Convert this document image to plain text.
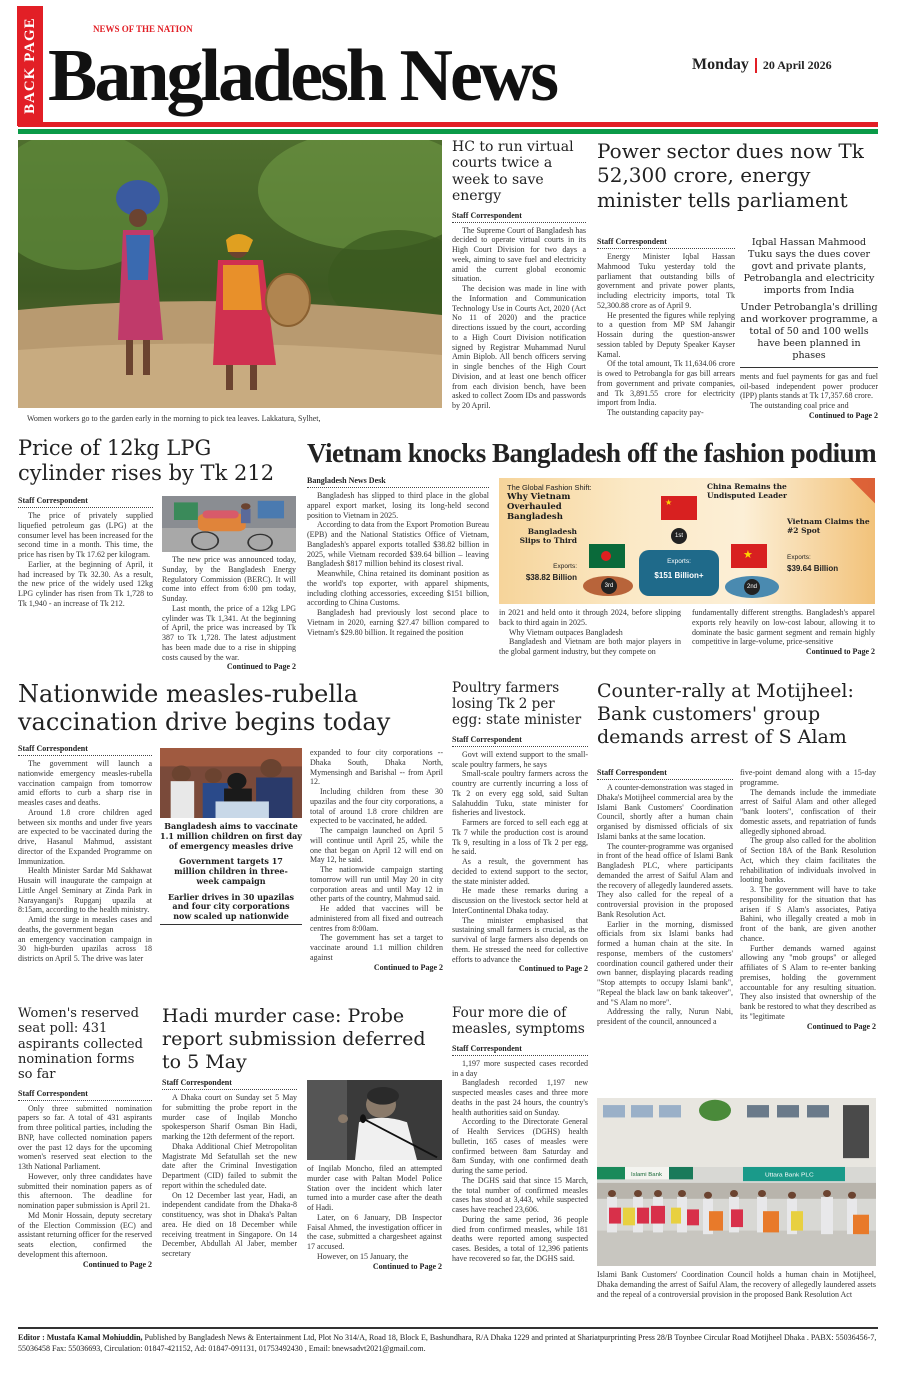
BACK PAGE Bangladesh News
NEWS OF THE NATION
Monday 20 April 2026
Women workers go to the garden early in the morning to pick tea leaves. Lakkatura, Sylhet,
HC to run virtual courts twice a week to save energy
Staff Correspondent

The Supreme Court of Bangladesh has decided to operate virtual courts in its High Court Division for two days a week, aiming to save fuel and electricity amid the current global economic situation.

The decision was made in line with the Information and Communication Technology Use in Courts Act, 2020 (Act No 11 of 2020) and the practice directions issued by the court, according to a High Court Division notification signed by Registrar Muhammad Nurul Amin Biplob. All bench officers serving in single benches of the High Court Division, and at least one bench officer from each division bench, have been asked to collect Zoom IDs and passwords by 20 April.

Power sector dues now Tk 52,300 crore, energy minister tells parliament
Staff Correspondent

Energy Minister Iqbal Hassan Mahmood Tuku yesterday told the parliament that outstanding bills of government and private power plants, including electricity imports, total Tk 52,300.88 crore as of April 9.

He presented the figures while replying to a question from MP SM Jahangir Hossain during the question-answer session tabled by Deputy Speaker Kayser Kamal.

Of the total amount, Tk 11,634.06 crore is owed to Petrobangla for gas bill arrears from government and private companies, and Tk 3,891.55 crore for electricity import from India.

The outstanding capacity pay-

Iqbal Hassan Mahmood Tuku says the dues cover govt and private plants, Petrobangla and electricity imports from India
Under Petrobangla's drilling and workover programme, a total of 50 and 100 wells have been planned in phases

ments and fuel payments for gas and fuel oil-based independent power producer (IPP) plants stands at Tk 17,357.68 crore.

The outstanding coal price and

Continued to Page 2
Price of 12kg LPG cylinder rises by Tk 212
Staff Correspondent

The price of privately supplied liquefied petroleum gas (LPG) at the consumer level has been increased for the second time in a month. This time, the price has risen by Tk 17.62 per kilogram.

Earlier, at the beginning of April, it had increased by Tk 32.30. As a result, the new price of the widely used 12kg LPG cylinder has risen from Tk 1,728 to Tk 1,940 - an increase of Tk 212.

The new price was announced today, Sunday, by the Bangladesh Energy Regulatory Commission (BERC). It will come into effect from 6:00 pm today, Sunday.

Last month, the price of a 12kg LPG cylinder was Tk 1,341. At the beginning of April, the price was increased by Tk 387 to Tk 1,728. The latest adjustment has been made due to a rise in shipping costs caused by the war.

Continued to Page 2
Vietnam knocks Bangladesh off the fashion podium
Bangladesh News Desk

Bangladesh has slipped to third place in the global apparel export market, losing its long-held second position to Vietnam in 2025.

According to data from the Export Promotion Bureau (EPB) and the National Statistics Office of Vietnam, Bangladesh's apparel exports totalled $38.82 billion in 2025, while Vietnam recorded $39.64 billion – leaving Bangladesh $817 million behind its closest rival.

Meanwhile, China retained its dominant position as the world's top exporter, with apparel shipments, including clothing accessories, exceeding $151 billion, according to China Customs.

Bangladesh had previously lost second place to Vietnam in 2020, earning $27.47 billion compared to Vietnam's $29.80 billion. It regained the position

The Global Fashion Shift:
Why Vietnam Overhauled Bangladesh
Bangladesh Slips to Third
Exports:
$38.82 Billion
3rd
★
1st
Exports:
$151 Billion+
China Remains the Undisputed Leader
★
2nd
Vietnam Claims the #2 Spot
Exports:
$39.64 Billion

in 2021 and held onto it through 2024, before slipping back to third again in 2025.

Why Vietnam outpaces Bangladesh

Bangladesh and Vietnam are both major players in the global garment industry, but they compete on

fundamentally different strengths. Bangladesh's apparel exports rely heavily on low-cost labour, allowing it to dominate the basic garment segment and remain highly competitive in large-volume, price-sensitive

Continued to Page 2
Nationwide measles-rubella vaccination drive begins today
Staff Correspondent

The government will launch a nationwide emergency measles-rubella vaccination campaign from tomorrow amid efforts to curb a sharp rise in measles cases and deaths.

Around 1.8 crore children aged between six months and under five years are expected to be vaccinated during the drive, Hasanul Mahmud, assistant director of the Expanded Programme on Immunization.

Health Minister Sardar Md Sakhawat Husain will inaugurate the campaign at Little Angel Seminary at Zinda Park in Narayanganj's Rupganj upazila at 8:15am, according to the health ministry.

Amid the surge in measles cases and deaths, the government began

an emergency vaccination campaign in 30 high-burden upazilas across 18 districts on April 5. The drive was later
Bangladesh aims to vaccinate 1.1 million children on first day of emergency measles drive
Government targets 17 million children in three-week campaign
Earlier drives in 30 upazilas and four city corporations now scaled up nationwide

expanded to four city corporations -- Dhaka South, Dhaka North, Mymensingh and Barishal -- from April 12.

Including children from these 30 upazilas and the four city corporations, a total of around 1.8 crore children are expected to be vaccinated, he added.

The campaign launched on April 5 will continue until April 25, while the one that began on April 12 will end on May 12, he said.

The nationwide campaign starting tomorrow will run until May 20 in city corporation areas and until May 12 in other parts of the country, Mahmud said.

He added that vaccines will be administered from all fixed and outreach centres from 8:00am.

The government has set a target to vaccinate around 1.1 million children against

Continued to Page 2
Poultry farmers losing Tk 2 per egg: state minister
Staff Correspondent

Govt will extend support to the small-scale poultry farmers, he says

Small-scale poultry farmers across the country are currently incurring a loss of Tk 2 on every egg sold, said Sultan Salahuddin Tuku, state minister for fisheries and livestock.

Farmers are forced to sell each egg at Tk 7 while the production cost is around Tk 9, resulting in a loss of Tk 2 per egg, he said.

As a result, the government has decided to extend support to the sector, the state minister added.

He made these remarks during a discussion on the livestock sector held at InterContinental Dhaka today.

The minister emphasised that sustaining small farmers is crucial, as the survival of large farmers also depends on them. He stressed the need for collective efforts to advance the

Continued to Page 2
Counter-rally at Motijheel: Bank customers' group demands arrest of S Alam
Staff Correspondent

A counter-demonstration was staged in Dhaka's Motijheel commercial area by the Islami Bank Customers' Coordination Council, shortly after a human chain organised by dismissed officials of six Islami banks at the same location.

The counter-programme was organised in front of the head office of Islami Bank Bangladesh PLC, where participants demanded the arrest of Saiful Alam and the recovery of allegedly laundered assets. They also called for the repeal of a controversial provision in the proposed Bank Resolution Act.

Earlier in the morning, dismissed officials from six Islami banks had formed a human chain at the site. In response, members of the customers' coordination council gathered under their own banner, displaying placards reading "Stop attempts to occupy Islami bank", "Repeal the black law on bank takeover", and "S Alam no more".

Addressing the rally, Nurun Nabi, president of the council, announced a

five-point demand along with a 15-day programme.

The demands include the immediate arrest of Saiful Alam and other alleged "bank looters", confiscation of their domestic assets, and repatriation of funds allegedly siphoned abroad.

The group also called for the abolition of Section 18A of the Bank Resolution Act, which they claim facilitates the rehabilitation of individuals involved in looting banks.

3. The government will have to take responsibility for the situation that has arisen if S Alam's associates, Patiya Bahini, who illegally created a mob in front of the bank, are given another chance.

Further demands warned against allowing any "mob groups" or alleged affiliates of S Alam to re-enter banking premises, holding the government accountable for any resulting situation. They also insisted that ownership of the bank be restored to what they described as its "legitimate

Continued to Page 2
Islami Bank	Uttara Bank PLC
Islami Bank Customers' Coordination Council holds a human chain in Motijheel, Dhaka demanding the arrest of Saiful Alam, the recovery of allegedly laundered assets and the repeal of a controversial provision in the proposed Bank Resolution Act
Women's reserved seat poll: 431 aspirants collected nomination forms so far
Staff Correspondent

Only three submitted nomination papers so far. A total of 431 aspirants from three political parties, including the BNP, have collected nomination papers over the past 12 days for the upcoming women's reserved seat election to the 13th National Parliament.

However, only three candidates have submitted their nomination papers as of this afternoon. The deadline for nomination paper submission is April 21.

Md Monir Hossain, deputy secretary of the Election Commission (EC) and assistant returning officer for the reserved seats election, confirmed the development this afternoon.

Continued to Page 2
Hadi murder case: Probe report submission deferred to 5 May
Staff Correspondent

A Dhaka court on Sunday set 5 May for submitting the probe report in the murder case of Inqilab Moncho spokesperson Sharif Osman Bin Hadi, marking the 12th deferment of the report.

Dhaka Additional Chief Metropolitan Magistrate Md Sefatullah set the new date after the Criminal Investigation Department (CID) failed to submit the report within the scheduled date.

On 12 December last year, Hadi, an independent candidate from the Dhaka-8 constituency, was shot in Dhaka's Paltan area. He died on 18 December while receiving treatment in Singapore. On 14 December, Abdullah Al Jaber, member secretary

of Inqilab Moncho, filed an attempted murder case with Paltan Model Police Station over the incident which later turned into a murder case after the death of Hadi.

Later, on 6 January, DB Inspector Faisal Ahmed, the investigation officer in the case, submitted a chargesheet against 17 accused.

However, on 15 January, the

Continued to Page 2
Four more die of measles, symptoms
Staff Correspondent

1,197 more suspected cases recorded in a day

Bangladesh recorded 1,197 new suspected measles cases and three more deaths in the past 24 hours, the country's health authorities said on Sunday.

According to the Directorate General of Health Services (DGHS) health bulletin, 165 cases of measles were confirmed between 8am Saturday and 8am Sunday, with one confirmed death during the same period.

The DGHS said that since 15 March, the total number of confirmed measles cases has stood at 3,443, while suspected cases have reached 23,606.

During the same period, 36 people died from confirmed measles, while 181 deaths were reported among suspected cases. Besides, a total of 12,396 patients have recovered so far, the DGHS said.

Editor : Mustafa Kamal Mohiuddin, Published by Bangladesh News & Entertainment Ltd, Plot No 314/A, Road 18, Block E, Bashundhara, R/A Dhaka 1229 and printed at Shariatpurprinting Press 28/B Toynbee Circular Road Motijheel Dhaka . PABX: 55036456-7, 55036458 Fax: 55036693, Circulation: 01847-421152, Ad: 01847-091131, 01753492430 , Email: bnewsadvt2021@gmail.com.
